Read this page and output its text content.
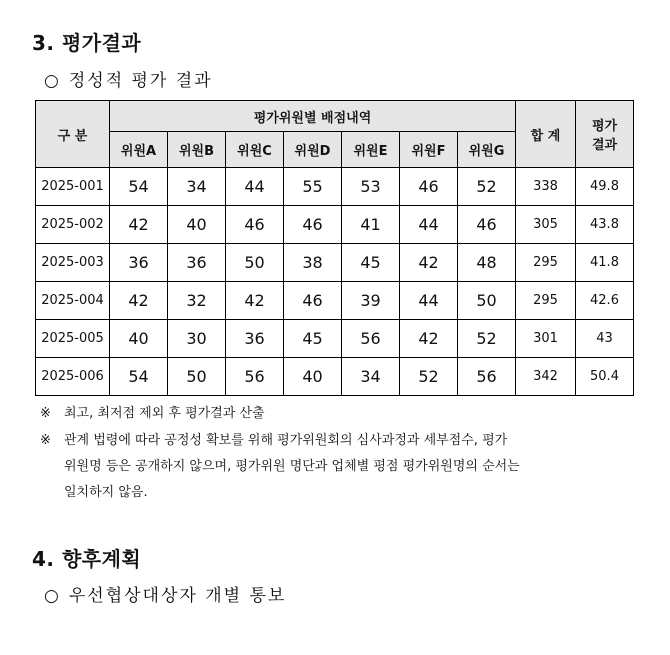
3. 평가결과
○ 정성적 평가 결과
구 분	평가위원별 배점내역							합 계	평가
결과

	위원A	위원B	위원C	위원D	위원E	위원F	위원G		
2025-001	54	34	44	55	53	46	52	338	49.8
2025-002	42	40	46	46	41	44	46	305	43.8
2025-003	36	36	50	38	45	42	48	295	41.8
2025-004	42	32	42	46	39	44	50	295	42.6
2025-005	40	30	36	45	56	42	52	301	43
2025-006	54	50	56	40	34	52	56	342	50.4
※ 최고, 최저점 제외 후 평가결과 산출
※ 관계 법령에 따라 공정성 확보를 위해 평가위원회의 심사과정과 세부점수, 평가
위원명 등은 공개하지 않으며, 평가위원 명단과 업체별 평점 평가위원명의 순서는
일치하지 않음.
4. 향후계획
○ 우선협상대상자 개별 통보
